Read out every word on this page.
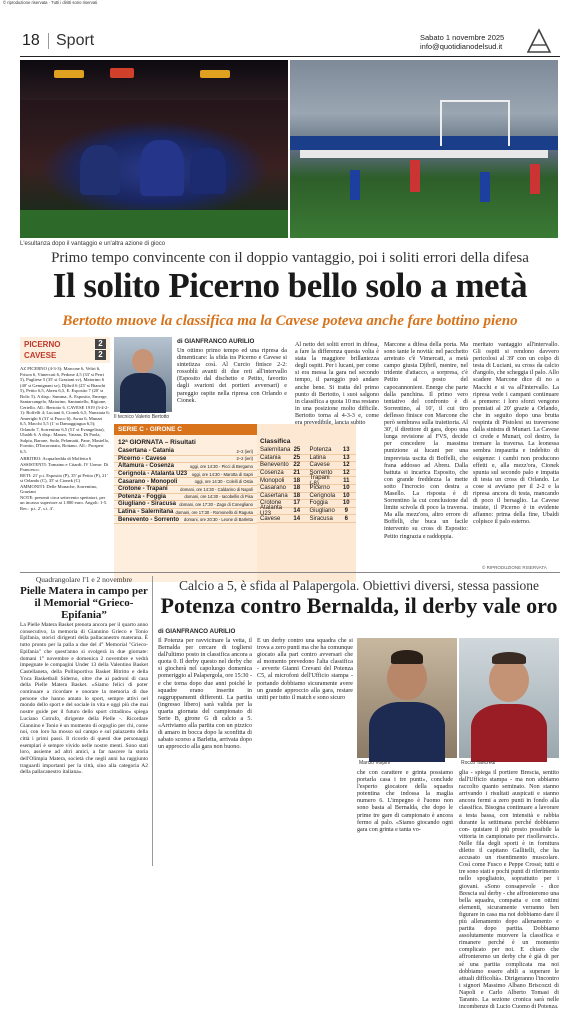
© riproduzione riservata · Tutti i diritti sono riservati
18 Sport	Sabato 1 novembre 2025
info@quotidianodelsud.it
L'esultanza dopo il vantaggio e un'altra azione di gioco
Primo tempo convincente con il doppio vantaggio, poi i soliti errori della difesa
Il solito Picerno bello solo a metà
Bertotto muove la classifica ma la Cavese poteva anche fare bottino pieno
PICERNO	2
CAVESE	2
AZ PICERNO (4-3-3): Marcone 6, Veltri 6, Frison 6, Vimercati 6, Pedone 4,5 (33' st Perri 5), Pugliese 5 (35' st Graziani sv), Maiorino 6 (40' st Gemignani sv), Djibril 6 (25' st Bianchi 5), Petito 6,5, Abreu 6,5, E. Esposito 7 (20' st Bolic 5). A disp.: Summa, A. Esposito, Emerge, Santarcangelo, Maiorino, Santaniello, Rigione, Ceriello. All.: Bertotto 6. CAVESE 1919 (3-4-2-1): Boffelli 4; Luciani 6, Cionek 6,5, Nunziata 6; Amerighi 6 (31' st Fusco 6), Awua 6, Munari 6,5, Macchi 5,5 (1' st Damaggiugua 6,5); Orlando 7, Sorrentino 6,5 (51' st Evangelista), Ubaldi 6. A disp.: Manzo, Vaiano, Di Paola, Sulpia, Barone, Suda, Pelamatti, Pane, Masiello, Fornito, D'Incoronato, Boitano. All.: Prosperi 6,5.
ARBITRO: Acquafredda di Molfetta 6
ASSISTENTI: Tomaino e Citardi. IV Uomo: Di Francesco.
RETI: 21' p.t. Esposito (P), 35' pt Petito (P), 21' st Orlando (C), 35' st Cionek (C)
AMMONITI: Delle Monache, Sorrentino, Graziani
NOTE: presenti circa settecento spettatori, per un incasso superiore ai 1.800 euro. Angoli: 1-5. Rec.: p.t. 2', s.t. 4'.
Il tecnico Valerio Bertotto
di GIANFRANCO AURILIO
Un ottimo primo tempo ed una ripresa da dimenticare: la sfida tra Picerno e Cavese si sintetizza così. Al Curcio finisce 2-2: rossoblù avanti di due reti all'intervallo (Esposito dal dischetto e Petito, favorito dagli svarioni dei portieri avversari) e pareggio ospite nella ripresa con Orlando e Cionek.
SERIE C - GIRONE C
12ª GIORNATA – Risultati
Casertana - Catania	2–2 (ieri)
Picerno - Cavese	2–2 (ieri)
Altamura - Cosenza	oggi, ore 14:30 - Picci di Bergamo
Cerignola - Atalanta U23 oggi, ore 14:30 - Marotta di Sapri
Casarano - Monopoli	oggi, ore 14:30 - Colelli di Ostia
Crotone - Trapani	domani, ore 14:30 - Caldarino di Napoli
Potenza - Foggia	domani, ore 14:30 - Iacobellis di Pisa
Giugliano - Siracusa domani, ore 17:30 - Zago di Conegliano
Latina - Salernitana domani, ore 17:30 - Romonello di Ragusa
Benevento - Sorrento domani, ore 20:30 - Leone di Barletta
Classifica
Salernitana 25
Catania	25
Benevento 22
Cosenza	21
Monopoli	18
Casarano	18
Casertana 18
Crotone	17
Atalanta U23	14
Cavese	14
Potenza	13
Latina	13
Cavese	12
Sorrento	12
Trapani (-8)	11
Picerno	10
Cerignola	10
Foggia	10
Giugliano	9
Siracusa	6
Al netto dei soliti errori in difesa, a fare la differenza questa volta è stata la maggiore brillantezza degli ospiti. Per i lucani, per come si era messa la gara nel secondo tempo, il pareggio può andare anche bene. Si tratta del primo punto di Bertotto, i suoi salgono in classifica a quota 10 ma restano in una posizione molto difficile. Bertotto torna al 4-3-3 e, come era prevedibile, lancia subito
Marcone a difesa della porta. Ma sono tante le novità: nel pacchetto arretrato c'è Vimercati, a metà campo giusta Djibril, mentre, nel tridente d'attacco, a sorpresa, c'è Petito al posto del capocannoniere. Energe che parte dalla panchina. Il primo vero tentativo del confronto è di Sorrentino, al 10', il cui tiro deflesso finisce con Marcone che però sembrava sulla traiettoria. Al 30', il direttore di gara, dopo una lunga revisione al FVS, decide per concedere la massima punizione ai lucani per una imprevista uscita di Boffelli, che frana addosso ad Abreu. Dalla battuta si incarica Esposito, che con grande freddezza la mette sotto l'incrocio con destra a Masello. La risposta è di Sorrentino la cui conclusione dal limite scivola di poco la traversa. Ma alla mezz'ora, altro errore di Boffelli, che buca un facile intervento su cross di Esposito: Petito ringrazia e raddoppia.
meritato vantaggio all'intervallo. Gli ospiti si rendono davvero pericolosi al 39' con un colpo di testa di Luciani, su cross da calcio d'angolo, che scheggia il palo. Allo scadere Marcone dice di no a Macchi e si va all'intervallo. La ripresa vede i campani continuare a premere: i loro sforzi vengono premiati al 20' grazie a Orlando, che in seguito dopo una brutta respinta di Pistolesi su traversone dalla sinistra di Munari. La Cavese ci crede e Munari, col destro, fa tremare la traversa. La leonessa sembra impaurita e indebito di esigenze: i cambi non producono effetti e, alla mezz'ora, Cionek spunta sul secondo palo e impatta di testa un cross di Orlando. Le cose si avviano per il 2-2 e la ripresa ancora di testa, mancando di poco il bersaglio. La Cavese insiste, il Picerno è in evidente affanno: prima della fine, Ubaldi colpisce il palo esterno.
© RIPRODUZIONE RISERVATA
Quadrangolare l'1 e 2 novembre
Pielle Matera in campo per il Memorial “Grieco-Epifania”
La Pielle Matera Basket prenota ancora per il quarto anno consecutivo, la memoria di Giannino Grieco e Tonio Epifania, storici dirigenti della pallacanestro materana. È tutto pronto per la palla a due del 4° Memorial "Grieco-Epifania" che quest'anno si svolgerà in due giornate: domani 1° novembre e domenica 2 novembre e vedrà impegnate le compagini Under 13 della Valentino Basket Castellaneta, della Pollisportiva Basket Bitritto e della Ynca Basketball Siderno, oltre che ai padroni di casa della Pielle Matera Basket. «Siamo felici di poter continuare a ricordare e onorare la memoria di due persone che hanno amato lo sport, sempre attivi nel mondo dello sport e del sociale in vita e oggi più che mai nostre guide per il futuro dello sport cittadino» spiega Luciano Cotrufo, dirigente della Pielle -. Ricordare Giannino e Tonio è un momento di orgoglio per chi, come noi, con loro ha mosso sul campo e sul palazzetto della città i primi passi. Il ricordo di questi due personaggi esemplari è sempre vivido nelle nostre menti. Sono stati loro, assieme ad altri amici, a far nascere la storia dell'Olimpia Matera, società che negli anni ha raggiunto traguardi importanti per la città, sino alla categoria A2 della pallacanestro italiana».
Calcio a 5, è sfida al Palapergola. Obiettivi diversi, stessa passione
Potenza contro Bernalda, il derby vale oro
di GIANFRANCO AURILIO
Il Potenza per ravvicinare la vetta, il Bernalda per cercare di togliersi dall'ultimo posto in classifica ancora a quota 0. Il derby questo nel derby che si giocherà nel capoluogo domenica pomeriggio al Palapergola, ore 15:30 - e che torna dopo due anni poiché le squadre erano inserite in raggruppamenti differenti. La partita (ingresso libero) sarà valida per la quarta giornata del campionato di Serie B, girone G di calcio a 5. «Arriviamo alla partita con un pizzico di amaro in bocca dopo la sconfitta di sabato scorso a Barletta, arrivata dopo un approccio alla gara non buono.
E un derby contro una squadra che si trova a zero punti ma che ha comunque giocato alla pari contro avversari che al momento prevedono l'alta classifica - avverte Gianni Crevani del Potenza C5, al microfoni dell'Ufficio stampa - portando dobbiamo sicuramente avere un grande approccio alla gara, restare uniti per tutto il match e sono sicuro
Marcio Volpini	Rocco Tancredi
che con carattere e grinta possiamo portarla casa i tre punti», conclude l'esperto giocatore della squadra potentina che indossa la maglia numero 6. L'impegno è l'uomo non sono basta al Bernalda, che dopo le prime tre gare di campionato è ancora fermo al palo. «Siamo giocando ogni gara con grinta e tanta vo-
glia - spiega il portiere Brescia, sentito dall'Ufficio stampa - ma non abbiamo raccolto quanto seminato. Non stanno arrivando i risultati auspicati e stanno ancora fermi a zero punti in fondo alla classifica. Bisogna continuare a lavorare a testa bassa, con intensità e rabbia durante la settimana perché dobbiamo con- quistare il più presto possibile la vittoria in campionato per risollevarci». Nelle fila degli sporti è in fornitura diletto il capitano Gallitelli, che ha accusato un risentimento muscolare. Così come Fusco e Peppe Crossi; tutti e tre sono stati e pochi punti di riferimento nello spogliatoio, soprattutto per i giovani. «Sono consapevole - dice Brescia sul derby - che affronteremo una bella squadra, compatta e con ottimi elementi, sicuramente verranno ben figurare in casa ma noi dobbiamo dare il più allenamento dopo allenamento e partita dopo partita. Dobbiamo assolutamente muovere la classifica e rimanere perché è un momento complicato per noi. E chiaro che affronteremo un derby che è già di per sé una partita complicata ma noi dobbiamo essere abili a superare le attuali difficoltà». Dirigeranno l'incontro i signori Massimo Albano Briscozzi di Napoli e Carlo Alberto Tomasi di Taranto. La sezione cronica sarà nelle incombenze di Lucio Cuomo di Potenza.
